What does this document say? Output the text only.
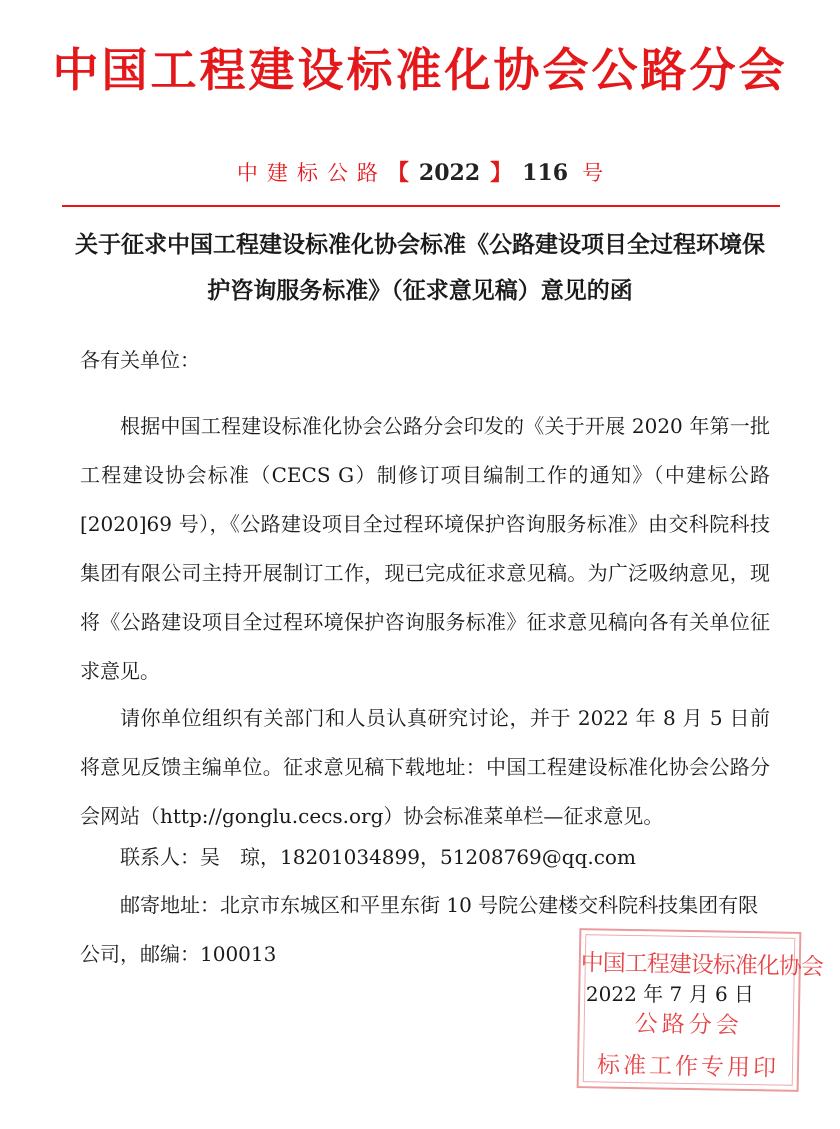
中国工程建设标准化协会公路分会
中建标公路【 2022 】 116 号
关于征求中国工程建设标准化协会标准《公路建设项目全过程环境保护咨询服务标准》（征求意见稿）意见的函
各有关单位：
根据中国工程建设标准化协会公路分会印发的《关于开展 2020 年第一批工程建设协会标准（CECS G）制修订项目编制工作的通知》（中建标公路[2020]69 号），《公路建设项目全过程环境保护咨询服务标准》由交科院科技集团有限公司主持开展制订工作，现已完成征求意见稿。为广泛吸纳意见，现将《公路建设项目全过程环境保护咨询服务标准》征求意见稿向各有关单位征求意见。
请你单位组织有关部门和人员认真研究讨论，并于 2022 年 8 月 5 日前将意见反馈主编单位。征求意见稿下载地址：中国工程建设标准化协会公路分会网站（http://gonglu.cecs.org）协会标准菜单栏—征求意见。
联系人：吴　琼，18201034899，51208769@qq.com
邮寄地址：北京市东城区和平里东街 10 号院公建楼交科院科技集团有限公司，邮编：100013	中国工程建设标准化协会
公路分会
标准工作专用印
2022 年 7 月 6 日
